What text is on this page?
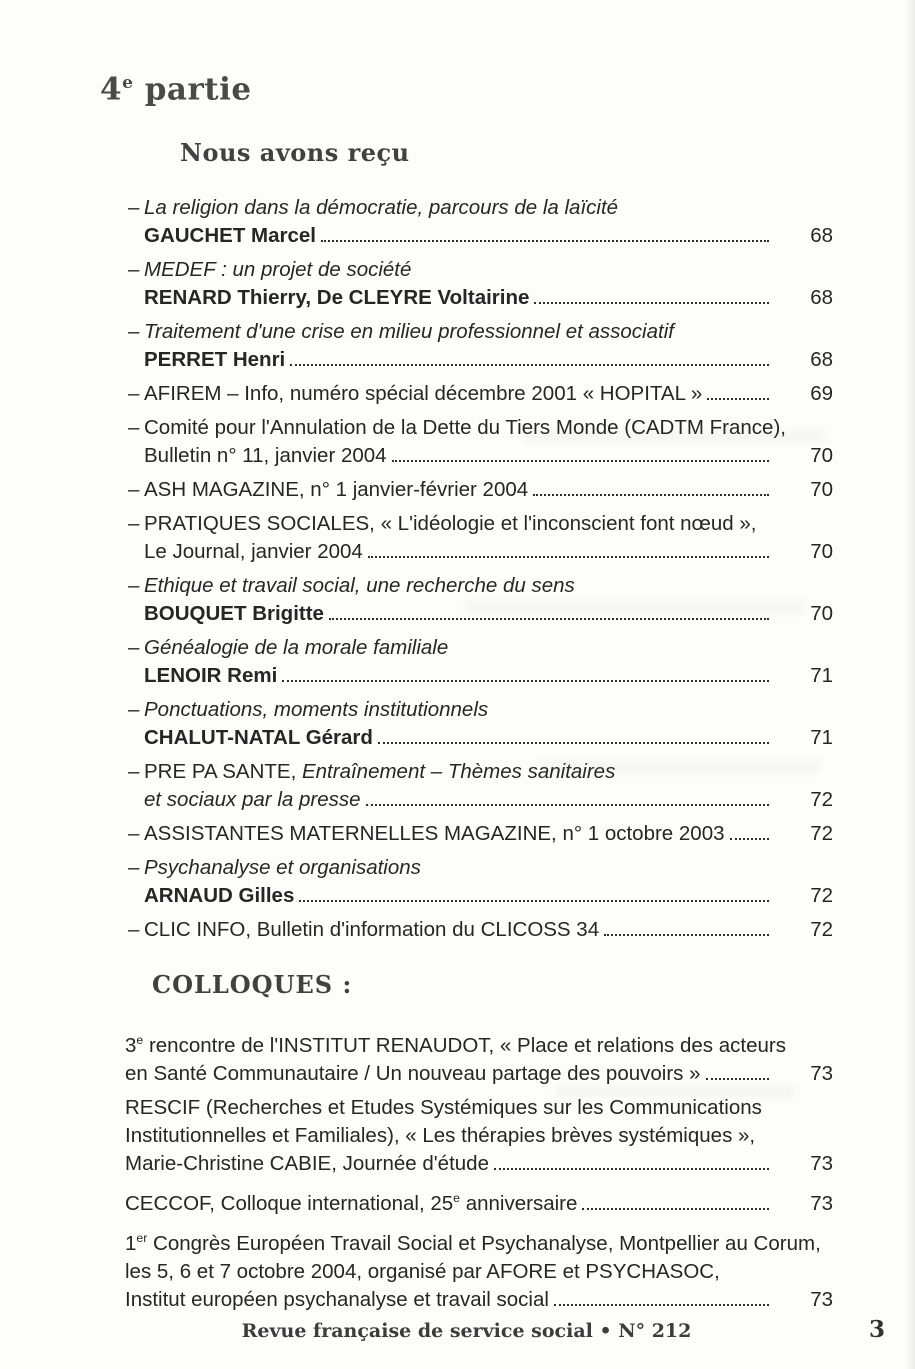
4e partie
Nous avons reçu
– La religion dans la démocratie, parcours de la laïcité
GAUCHET Marcel	68
– MEDEF : un projet de société
RENARD Thierry, De CLEYRE Voltairine	68
– Traitement d'une crise en milieu professionnel et associatif
PERRET Henri	68
– AFIREM – Info, numéro spécial décembre 2001 « HOPITAL »	69
– Comité pour l'Annulation de la Dette du Tiers Monde (CADTM France),
Bulletin n° 11, janvier 2004	70
– ASH MAGAZINE, n° 1 janvier-février 2004	70
– PRATIQUES SOCIALES, « L'idéologie et l'inconscient font nœud »,
Le Journal, janvier 2004	70
– Ethique et travail social, une recherche du sens
BOUQUET Brigitte	70
– Généalogie de la morale familiale
LENOIR Remi	71
– Ponctuations, moments institutionnels
CHALUT-NATAL Gérard	71
– PRE PA SANTE, Entraînement – Thèmes sanitaires
et sociaux par la presse	72
– ASSISTANTES MATERNELLES MAGAZINE, n° 1 octobre 2003	72
– Psychanalyse et organisations
ARNAUD Gilles	72
– CLIC INFO, Bulletin d'information du CLICOSS 34	72
COLLOQUES :
3e rencontre de l'INSTITUT RENAUDOT, « Place et relations des acteurs
en Santé Communautaire / Un nouveau partage des pouvoirs »	73
RESCIF (Recherches et Etudes Systémiques sur les Communications
Institutionnelles et Familiales), « Les thérapies brèves systémiques »,
Marie-Christine CABIE, Journée d'étude	73
CECCOF, Colloque international, 25e anniversaire	73
1er Congrès Européen Travail Social et Psychanalyse, Montpellier au Corum,
les 5, 6 et 7 octobre 2004, organisé par AFORE et PSYCHASOC,
Institut européen psychanalyse et travail social	73
Revue française de service social • N° 212	3
